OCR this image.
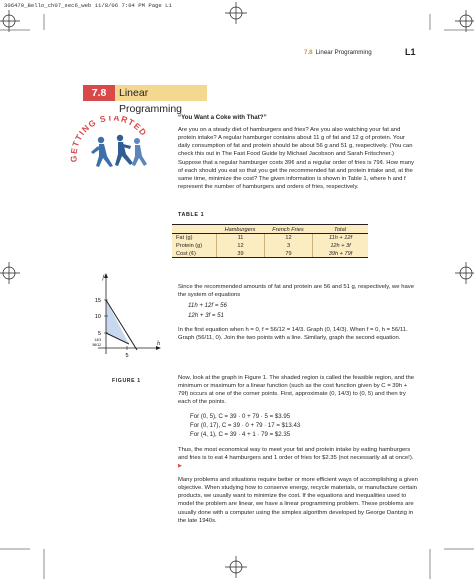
306470_Bello_ch07_sec6_web 11/8/06 7:04 PM Page L1
7.8 Linear Programming	L1
7.8	Linear Programming
GETTING STARTED
“You Want a Coke with That?”
Are you on a steady diet of hamburgers and fries? Are you also watching your fat and protein intake? A regular hamburger contains about 11 g of fat and 12 g of protein. Your daily consumption of fat and protein should be about 56 g and 51 g, respectively. (You can check this out in The Fast Food Guide by Michael Jacobson and Sarah Fritschner.) Suppose that a regular hamburger costs 39¢ and a regular order of fries is 79¢. How many of each should you eat so that you get the recommended fat and protein intake and, at the same time, minimize the cost? The given information is shown in Table 1, where h and f represent the number of hamburgers and orders of fries, respectively.
TABLE 1
Hamburgers	French Fries	Total
Fat (g)	11	12	11h + 12f
Protein (g)	12	3	12h + 3f
Cost (¢)	39	79	39h + 79f
f
h
15
10
5
14/3
56/12
5
FIGURE 1
Since the recommended amounts of fat and protein are 56 and 51 g, respectively, we have the system of equations
11h + 12f = 56
12h + 3f = 51
In the first equation when h = 0, f = 56/12 = 14/3. Graph (0, 14/3). When f = 0, h = 56/11. Graph (56/11, 0). Join the two points with a line. Similarly, graph the second equation.
Now, look at the graph in Figure 1. The shaded region is called the feasible region, and the minimum or maximum for a linear function (such as the cost function given by C = 39h + 79f) occurs at one of the corner points. First, approximate (0, 14/3) to (0, 5) and then try each of the points.
For (0, 5), C = 39 · 0 + 79 · 5 = $3.95
For (0, 17), C = 39 · 0 + 79 · 17 = $13.43
For (4, 1), C = 39 · 4 + 1 · 79 = $2.35
Thus, the most economical way to meet your fat and protein intake by eating hamburgers and fries is to eat 4 hamburgers and 1 order of fries for $2.35 (not necessarily all at once!). ▶
Many problems and situations require better or more efficient ways of accomplishing a given objective. When studying how to conserve energy, recycle materials, or manufacture certain products, we usually want to minimize the cost. If the equations and inequalities used to model the problem are linear, we have a linear programming problem. These problems are usually done with a computer using the simplex algorithm developed by George Dantzig in the late 1940s.
